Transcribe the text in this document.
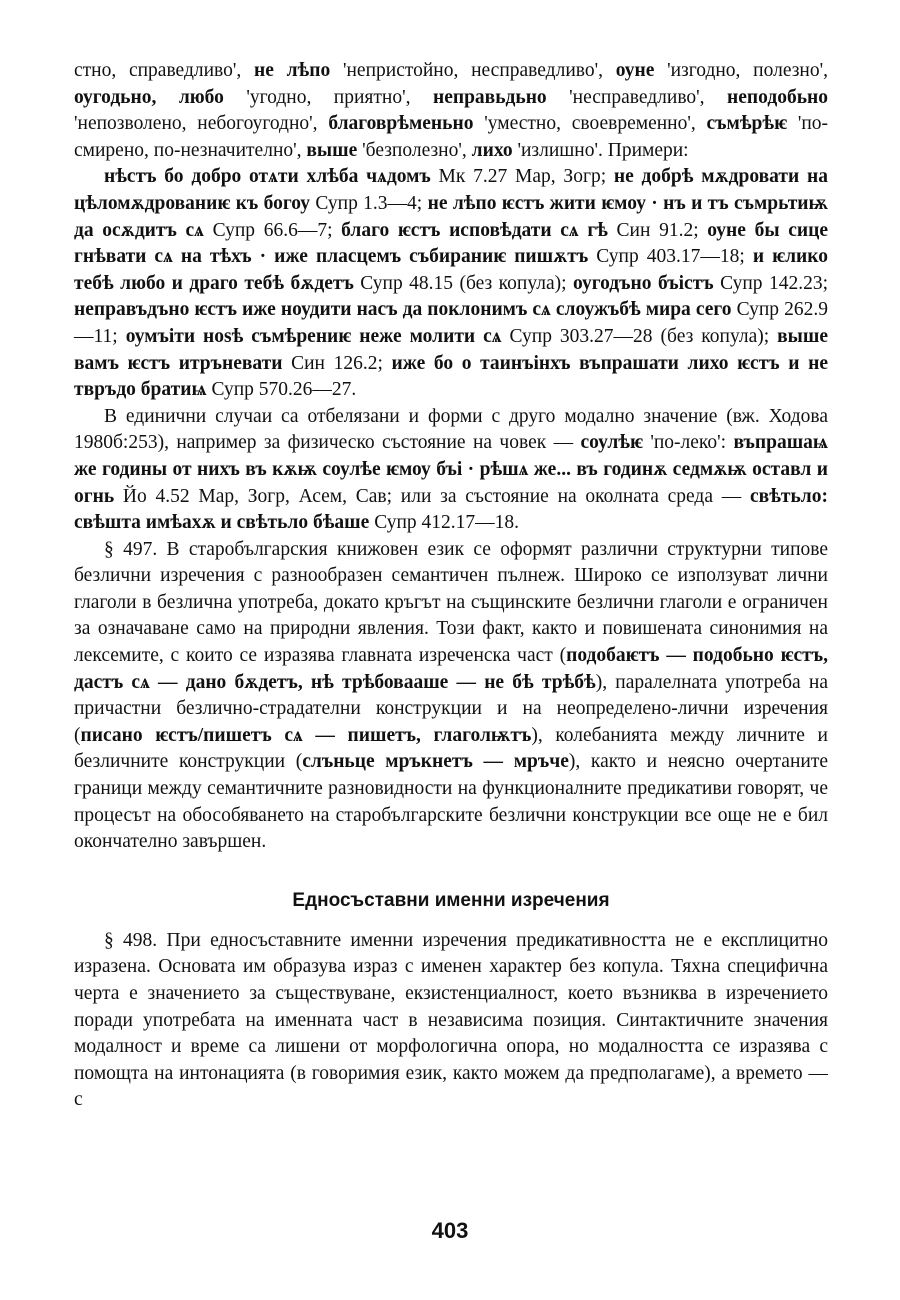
стно, справедливо', не лѣпо 'непристойно, несправедливо', оуне 'изгодно, полезно', оугодьно, любо 'угодно, приятно', неправьдьно 'несправедливо', неподобьно 'непозволено, небогоугодно', благоврѣменьно 'уместно, своевременно', съмѣрѣѥ 'по-смирено, по-незначително', выше 'безполезно', лихо 'излишно'. Примери:

нѣстъ бо добро отѧти хлѣба чѧдомъ Мк 7.27 Мар, Зогр; не добрѣ мѫдровати на цѣломѫдрованиѥ къ богоу Супр 1.3—4; не лѣпо ѥстъ жити ѥмоу · нъ и тъ съмрьтиѭ да осѫдитъ сѧ Супр 66.6—7; благо ѥстъ исповѣдати сѧ гѣ Син 91.2; оуне бы сице гнѣвати сѧ на тѣхъ · иже пласцемъ събираниѥ пишѫтъ Супр 403.17—18; и ѥлико тебѣ любо и драго тебѣ бѫдетъ Супр 48.15 (без копула); оугодъно бъістъ Супр 142.23; неправъдъно ѥстъ иже ноудити насъ да поклонимъ сѧ слоужъбѣ мира сего Супр 262.9—11; оумъіти ноѕѣ съмѣрениѥ неже молити сѧ Супр 303.27—28 (без копула); выше вамъ ѥстъ итръневати Син 126.2; иже бо о таинъінхъ въпрашати лихо ѥстъ и не твръдо братиѩ Супр 570.26—27.

В единични случаи са отбелязани и форми с друго модално значение (вж. Ходова 1980б:253), например за физическо състояние на човек — соулѣѥ 'по-леко': въпрашаѩ же годины от нихъ въ кѫѭ соулѣе ѥмоу бъі · рѣшѧ же... въ годинѫ седмѫѭ оставл и огнь Йо 4.52 Мар, Зогр, Асем, Сав; или за състояние на околната среда — свѣтьло: свѣшта имѣахѫ и свѣтьло бѣаше Супр 412.17—18.

§ 497. В старобългарския книжовен език се оформят различни структурни типове безлични изречения с разнообразен семантичен пълнеж. Широко се използуват лични глаголи в безлична употреба, докато кръгът на същинските безлични глаголи е ограничен за означаване само на природни явления. Този факт, както и повишената синонимия на лексемите, с които се изразява главната изреченска част (подобаѥтъ — подобьно ѥстъ, дастъ сѧ — дано бѫдетъ, нѣ трѣбоваашe — не бѣ трѣбѣ), паралелната употреба на причастни безлично-страдателни конструкции и на неопределено-лични изречения (писано ѥстъ/пишетъ сѧ — пишетъ, глаголѭтъ), колебанията между личните и безличните конструкции (слъньце мръкнетъ — мръче), както и неясно очертаните граници между семантичните разновидности на функционалните предикативи говорят, че процесът на обособяването на старобългарските безлични конструкции все още не е бил окончателно завършен.

Едносъставни именни изречения

§ 498. При едносъставните именни изречения предикативността не е експлицитно изразена. Основата им образува израз с именен характер без копула. Тяхна специфична черта е значението за съществуване, екзистенциалност, което възниква в изречението поради употребата на именната част в независима позиция. Синтактичните значения модалност и време са лишени от морфологична опора, но модалността се изразява с помощта на интонацията (в говоримия език, както можем да предполагаме), а времето — с

403
